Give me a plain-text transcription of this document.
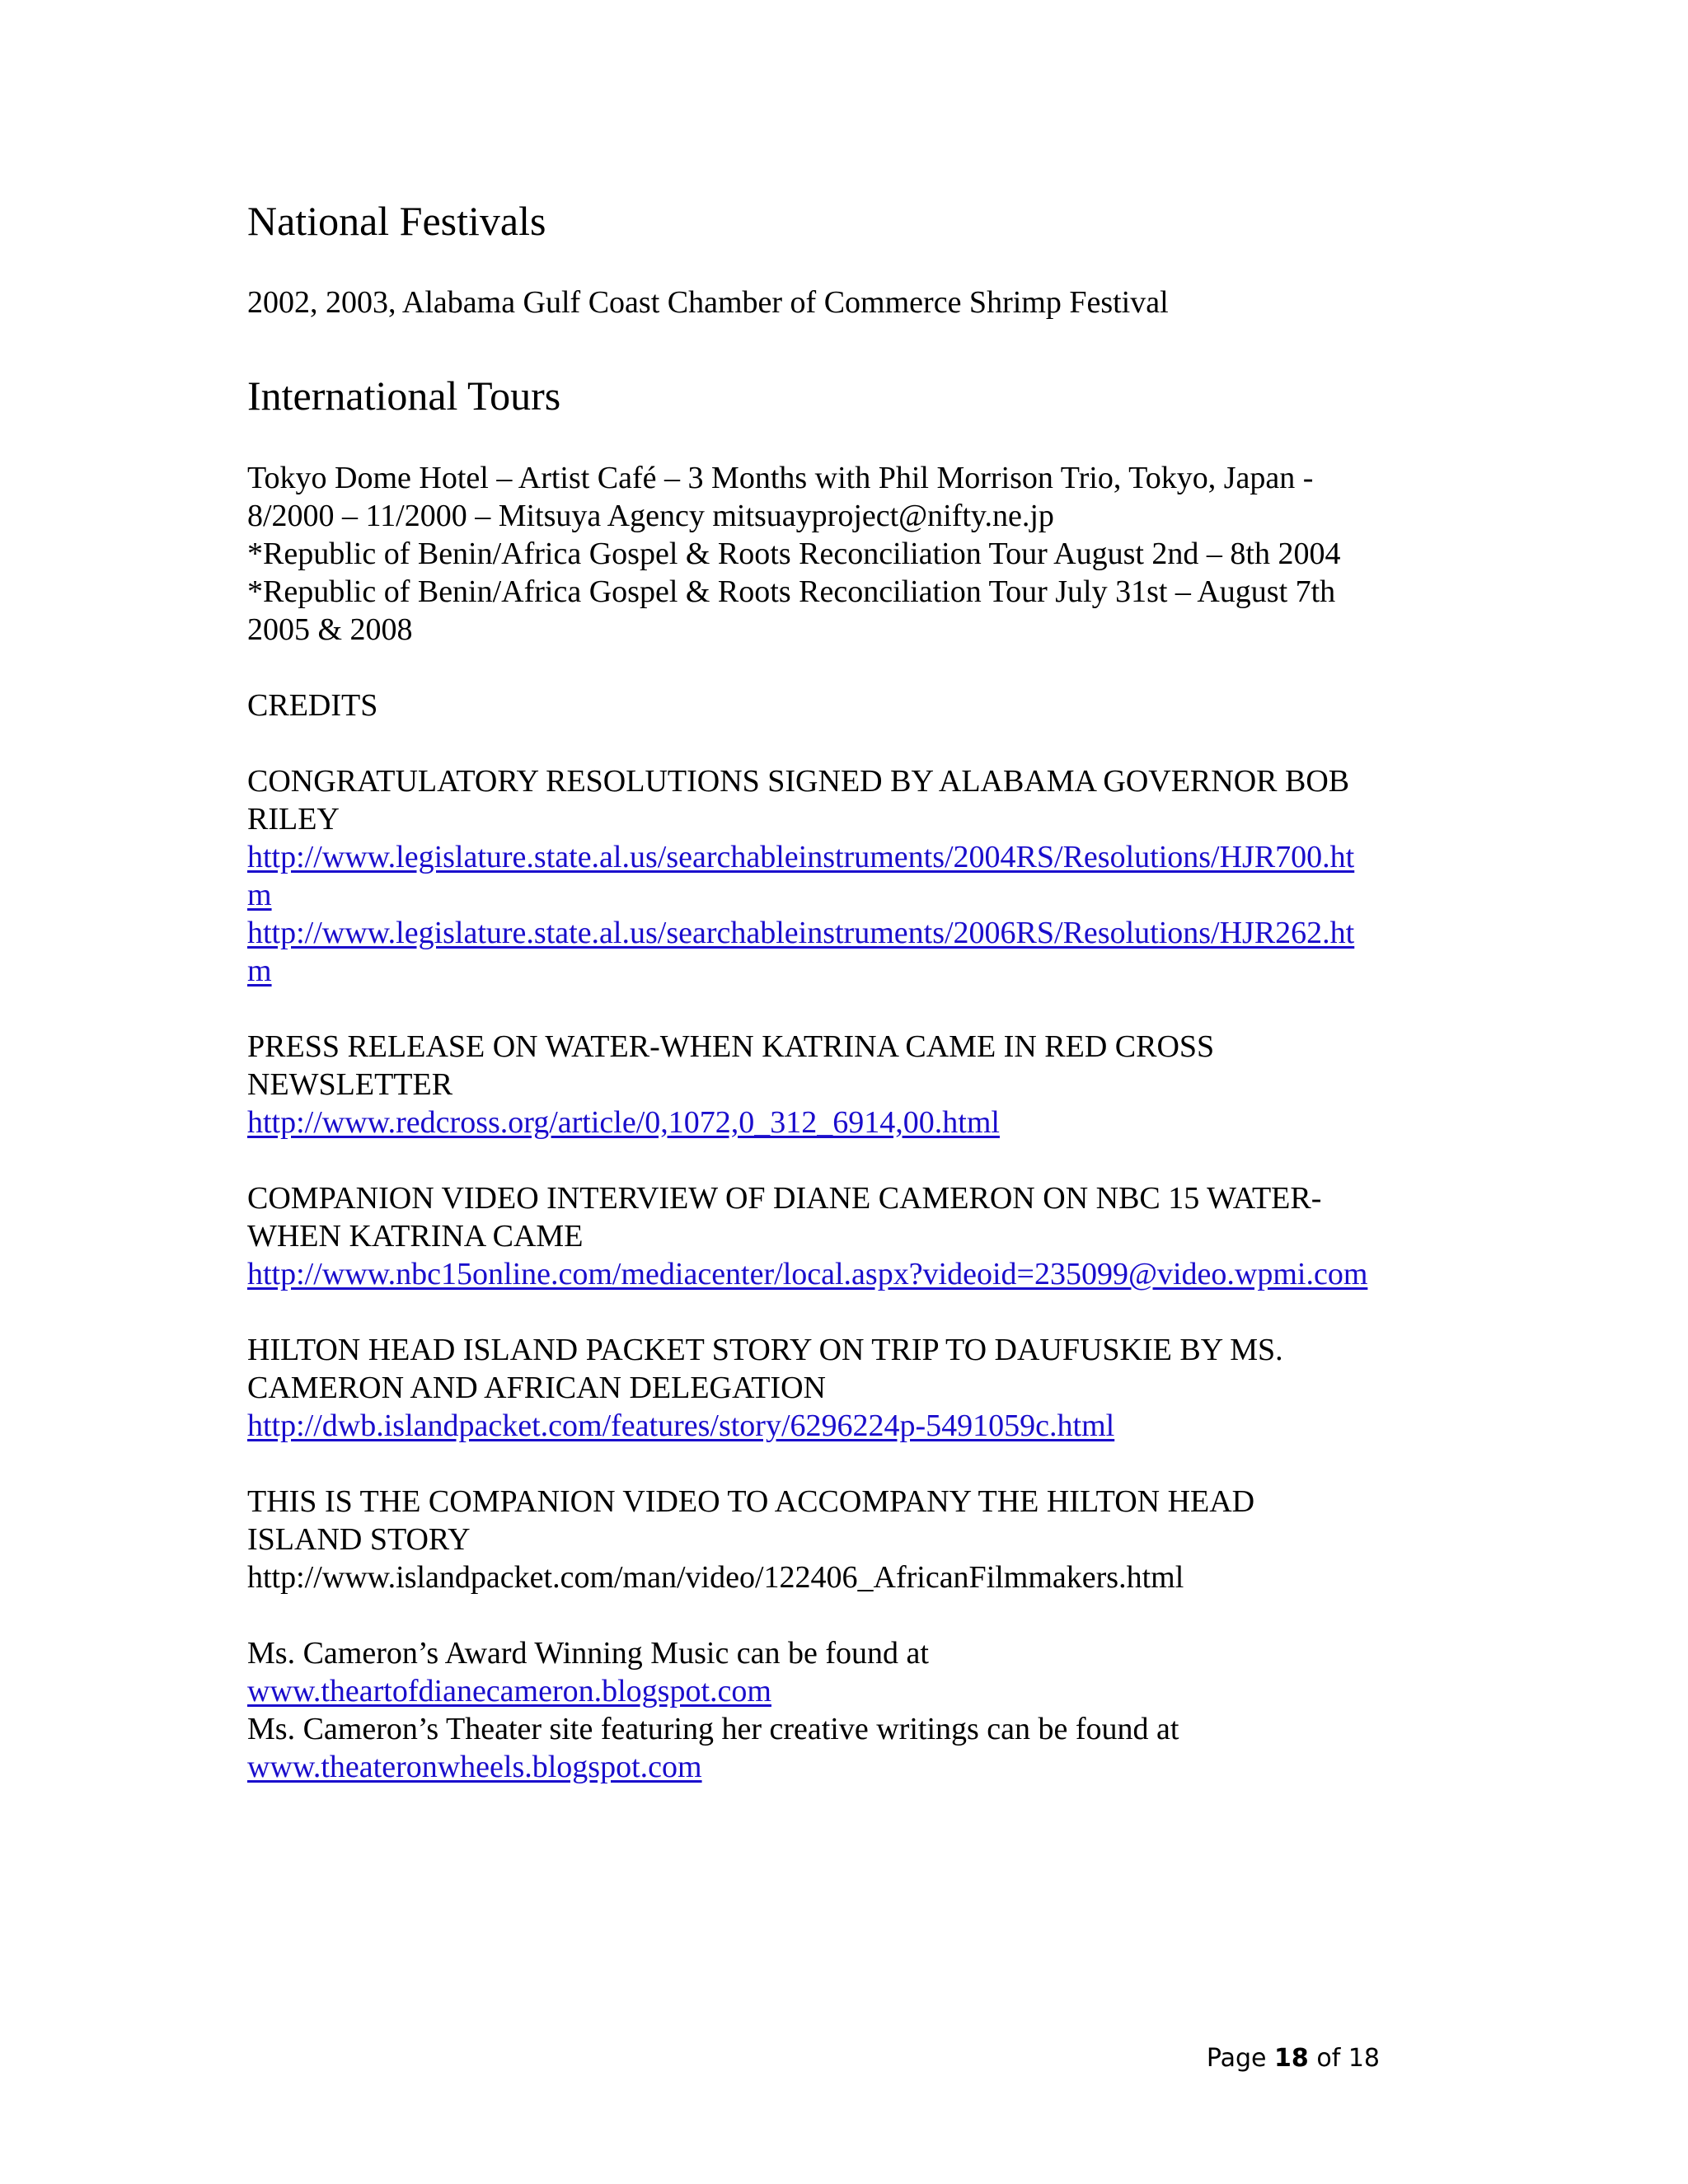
National Festivals
2002, 2003, Alabama Gulf Coast Chamber of Commerce Shrimp Festival
International Tours
Tokyo Dome Hotel – Artist Café – 3 Months with Phil Morrison Trio, Tokyo, Japan -
8/2000 – 11/2000 – Mitsuya Agency mitsuayproject@nifty.ne.jp
*Republic of Benin/Africa Gospel & Roots Reconciliation Tour August 2nd – 8th 2004
*Republic of Benin/Africa Gospel & Roots Reconciliation Tour July 31st – August 7th
2005 & 2008
CREDITS
CONGRATULATORY RESOLUTIONS SIGNED BY ALABAMA GOVERNOR BOB
RILEY
http://www.legislature.state.al.us/searchableinstruments/2004RS/Resolutions/HJR700.ht
m
http://www.legislature.state.al.us/searchableinstruments/2006RS/Resolutions/HJR262.ht
m
PRESS RELEASE ON WATER-WHEN KATRINA CAME IN RED CROSS
NEWSLETTER
http://www.redcross.org/article/0,1072,0_312_6914,00.html
COMPANION VIDEO INTERVIEW OF DIANE CAMERON ON NBC 15 WATER-
WHEN KATRINA CAME
http://www.nbc15online.com/mediacenter/local.aspx?videoid=235099@video.wpmi.com
HILTON HEAD ISLAND PACKET STORY ON TRIP TO DAUFUSKIE BY MS.
CAMERON AND AFRICAN DELEGATION
http://dwb.islandpacket.com/features/story/6296224p-5491059c.html
THIS IS THE COMPANION VIDEO TO ACCOMPANY THE HILTON HEAD
ISLAND STORY
http://www.islandpacket.com/man/video/122406_AfricanFilmmakers.html
Ms. Cameron’s Award Winning Music can be found at
www.theartofdianecameron.blogspot.com
Ms. Cameron’s Theater site featuring her creative writings can be found at
www.theateronwheels.blogspot.com
Page 18 of 18
